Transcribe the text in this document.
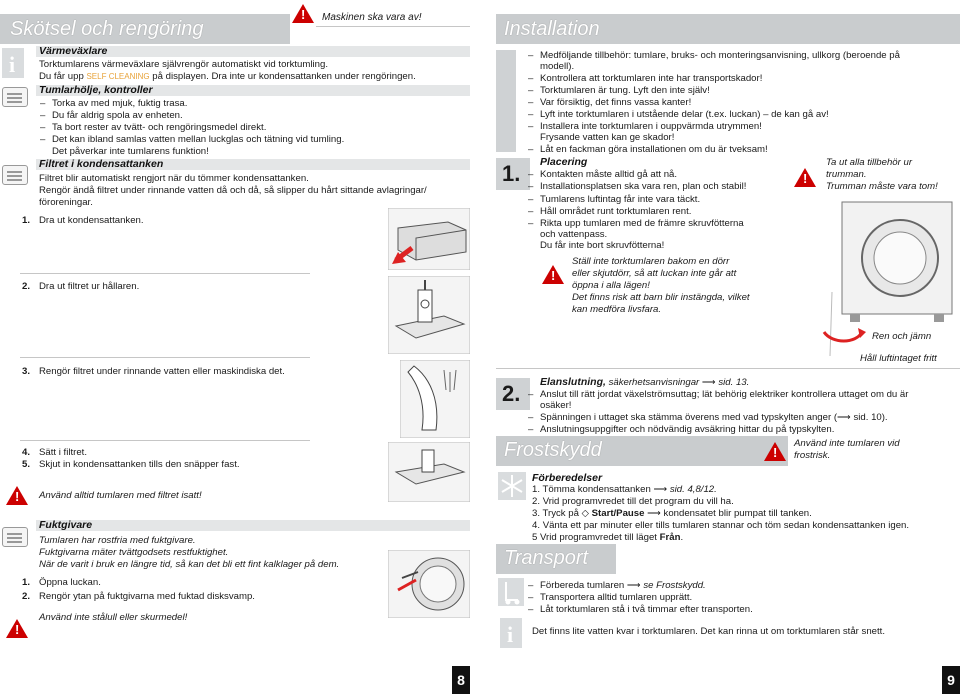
Skötsel och rengöring
! Maskinen ska vara av!
i
Värmeväxlare
Torktumlarens värmeväxlare självrengör automatiskt vid torktumling.
Du får upp SELF CLEANING på displayen. Dra inte ur kondensattanken under rengöringen.
Tumlarhölje, kontroller
– Torka av med mjuk, fuktig trasa.
– Du får aldrig spola av enheten.
– Ta bort rester av tvätt- och rengöringsmedel direkt.
– Det kan ibland samlas vatten mellan luckglas och tätning vid tumling.
Det påverkar inte tumlarens funktion!
Filtret i kondensattanken
Filtret blir automatiskt rengjort när du tömmer kondensattanken.
Rengör ändå filtret under rinnande vatten då och då, så slipper du hårt sittande avlagringar/
föroreningar.
1. Dra ut kondensattanken.
2. Dra ut filtret ur hållaren.
3. Rengör filtret under rinnande vatten eller maskindiska det.
4. Sätt i filtret.
5. Skjut in kondensattanken tills den snäpper fast.
! Använd alltid tumlaren med filtret isatt!
Fuktgivare
Tumlaren har rostfria med fuktgivare.
Fuktgivarna mäter tvättgodsets restfuktighet.
När de varit i bruk en längre tid, så kan det bli ett fint kalklager på dem.
1. Öppna luckan.
2. Rengör ytan på fuktgivarna med fuktad disksvamp.
!
Använd inte stålull eller skurmedel!
8
Installation
– Medföljande tillbehör: tumlare, bruks- och monteringsanvisning, ullkorg (beroende på
modell).
– Kontrollera att torktumlaren inte har transportskador!
– Torktumlaren är tung. Lyft den inte själv!
– Var försiktig, det finns vassa kanter!
– Lyft inte torktumlaren i utstående delar (t.ex. luckan) – de kan gå av!
– Installera inte torktumlaren i ouppvärmda utrymmen!
Frysande vatten kan ge skador!
– Låt en fackman göra installationen om du är tveksam!
1. Placering
– Kontakten måste alltid gå att nå.
– Installationsplatsen ska vara ren, plan och stabil!
– Tumlarens luftintag får inte vara täckt.
– Håll området runt torktumlaren rent.
– Rikta upp tumlaren med de främre skruvfötterna
och vattenpass.
Du får inte bort skruvfötterna!
!
Ta ut alla tillbehör ur
trumman.
Trumman måste vara tom!
!
Ställ inte torktumlaren bakom en dörr
eller skjutdörr, så att luckan inte går att
öppna i alla lägen!
Det finns risk att barn blir instängda, vilket
kan medföra livsfara.
Ren och jämn
Håll luftintaget fritt
2. Elanslutning, säkerhetsanvisningar ⟶ sid. 13.
– Anslut till rätt jordat växelströmsuttag; lät behörig elektriker kontrollera uttaget om du är
osäker!
– Spänningen i uttaget ska stämma överens med vad typskylten anger (⟶ sid. 10).
– Anslutningsuppgifter och nödvändig avsäkring hittar du på typskylten.
Frostskydd	!
Använd inte tumlaren vid
frostrisk.
Förberedelser
1. Tömma kondensattanken ⟶ sid. 4,8/12.
2. Vrid programvredet till det program du vill ha.
3. Tryck på ◇ Start/Pause ⟶ kondensatet blir pumpat till tanken.
4. Vänta ett par minuter eller tills tumlaren stannar och töm sedan kondensattanken igen.
5 Vrid programvredet till läget Från.
Transport
– Förbereda tumlaren ⟶ se Frostskydd.
– Transportera alltid tumlaren upprätt.
– Låt torktumlaren stå i två timmar efter transporten.
i Det finns lite vatten kvar i torktumlaren. Det kan rinna ut om torktumlaren står snett.
9
